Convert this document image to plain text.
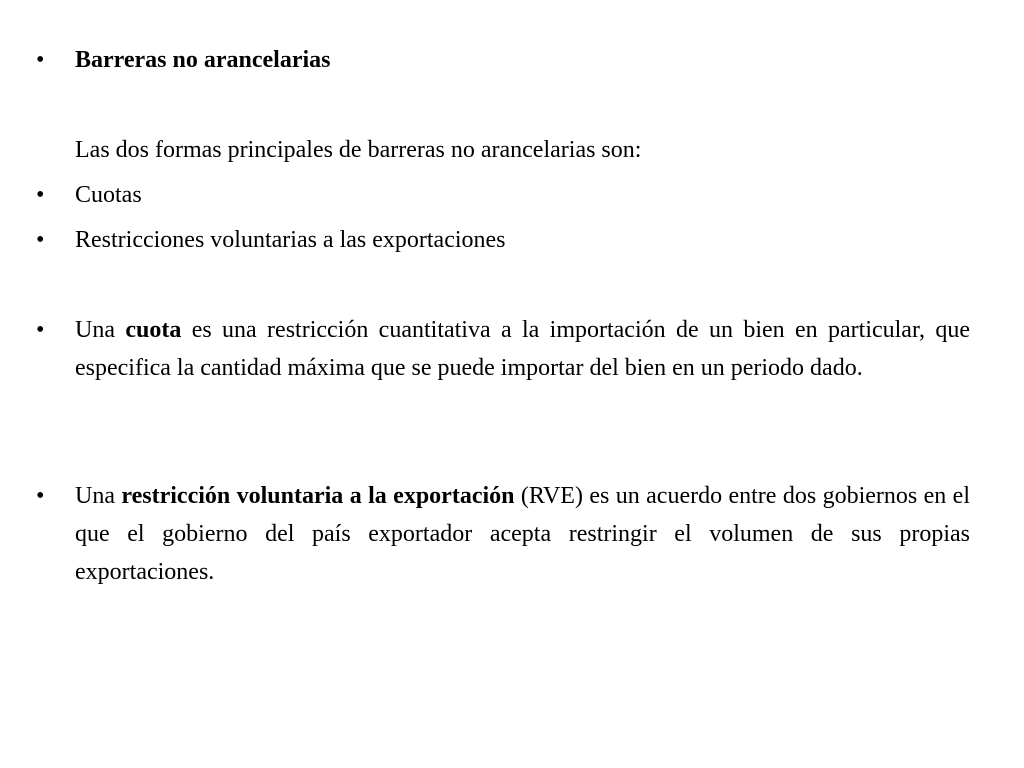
• Barreras no arancelarias
Las dos formas principales de barreras no arancelarias son:
• Cuotas
• Restricciones voluntarias a las exportaciones
• Una cuota es una restricción cuantitativa a la importación de un bien en particular, que especifica la cantidad máxima que se puede importar del bien en un periodo dado.
• Una restricción voluntaria a la exportación (RVE) es un acuerdo entre dos gobiernos en el que el gobierno del país exportador acepta restringir el volumen de sus propias exportaciones.
